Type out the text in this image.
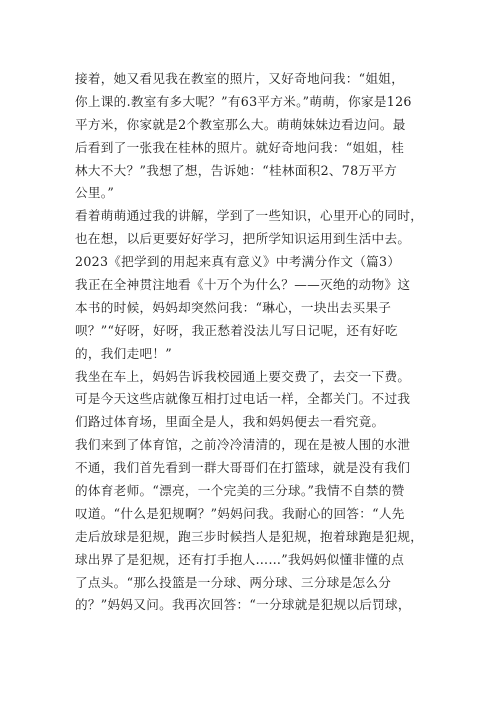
接着，她又看见我在教室的照片，又好奇地问我：“姐姐，
你上课的.教室有多大呢？”有63平方米。”萌萌，你家是126
平方米，你家就是2个教室那么大。萌萌妹妹边看边问。最
后看到了一张我在桂林的照片。就好奇地问我：“姐姐，桂
林大不大？”我想了想，告诉她：“桂林面积2、78万平方
公里。”
看着萌萌通过我的讲解，学到了一些知识，心里开心的同时，
也在想，以后更要好好学习，把所学知识运用到生活中去。
2023《把学到的用起来真有意义》中考满分作文（篇3）
我正在全神贯注地看《十万个为什么？——灭绝的动物》这
本书的时候，妈妈却突然问我：“琳心，一块出去买果子
呗？”“好呀，好呀，我正愁着没法儿写日记呢，还有好吃
的，我们走吧！”
我坐在车上，妈妈告诉我校园通上要交费了，去交一下费。
可是今天这些店就像互相打过电话一样，全都关门。不过我
们路过体育场，里面全是人，我和妈妈便去一看究竟。
我们来到了体育馆，之前冷冷清清的，现在是被人围的水泄
不通，我们首先看到一群大哥哥们在打篮球，就是没有我们
的体育老师。“漂亮，一个完美的三分球。”我情不自禁的赞
叹道。“什么是犯规啊？”妈妈问我。我耐心的回答：“人先
走后放球是犯规，跑三步时候挡人是犯规，抱着球跑是犯规，
球出界了是犯规，还有打手抱人……”我妈妈似懂非懂的点
了点头。“那么投篮是一分球、两分球、三分球是怎么分
的？”妈妈又问。我再次回答：“一分球就是犯规以后罚球，
